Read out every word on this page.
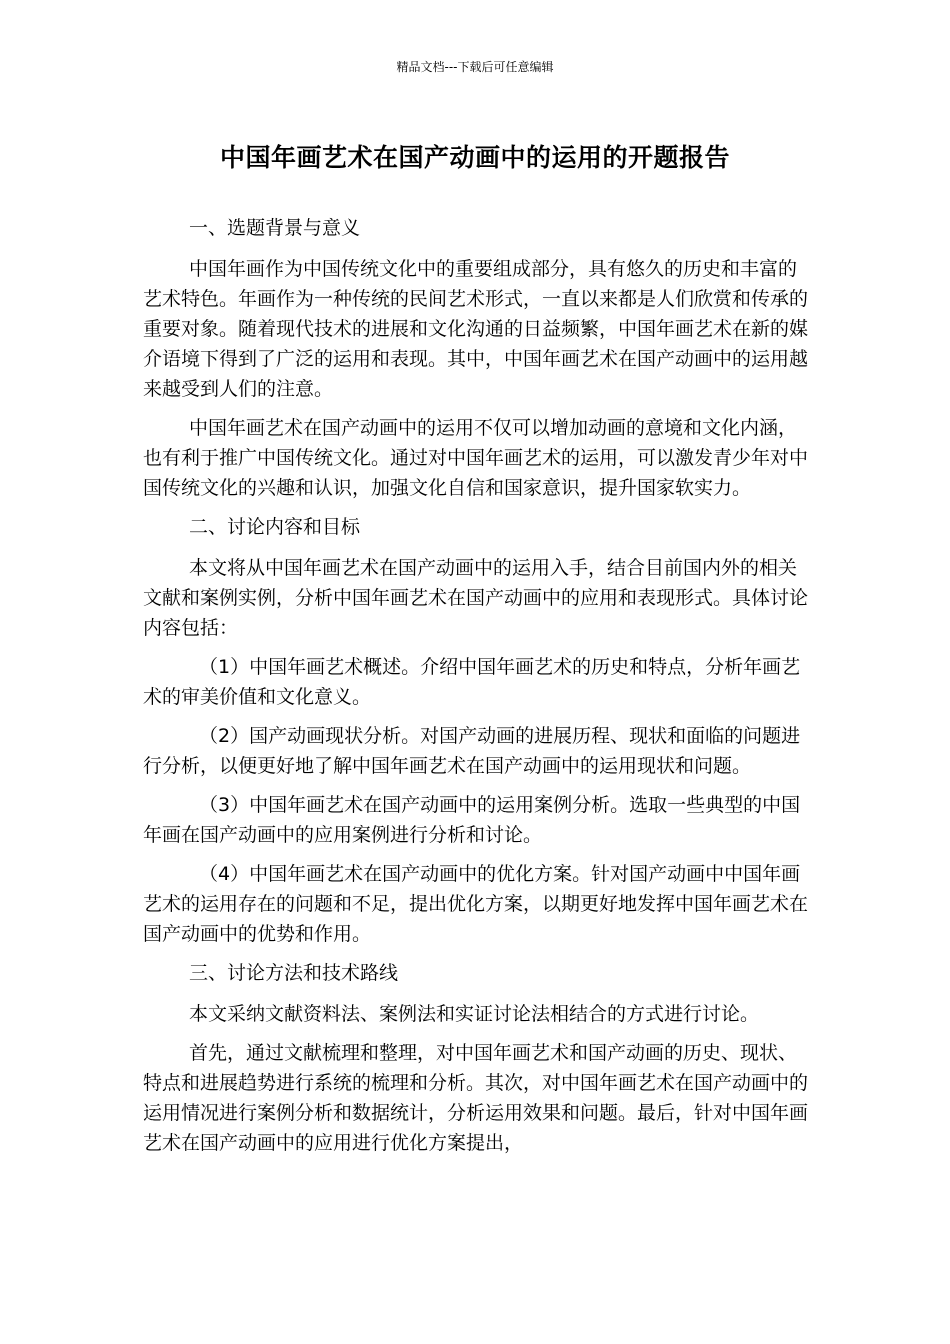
精品文档---下载后可任意编辑
中国年画艺术在国产动画中的运用的开题报告

一、选题背景与意义

中国年画作为中国传统文化中的重要组成部分，具有悠久的历史和丰富的艺术特色。年画作为一种传统的民间艺术形式，一直以来都是人们欣赏和传承的重要对象。随着现代技术的进展和文化沟通的日益频繁，中国年画艺术在新的媒介语境下得到了广泛的运用和表现。其中，中国年画艺术在国产动画中的运用越来越受到人们的注意。

中国年画艺术在国产动画中的运用不仅可以增加动画的意境和文化内涵，也有利于推广中国传统文化。通过对中国年画艺术的运用，可以激发青少年对中国传统文化的兴趣和认识，加强文化自信和国家意识，提升国家软实力。

二、讨论内容和目标

本文将从中国年画艺术在国产动画中的运用入手，结合目前国内外的相关文献和案例实例，分析中国年画艺术在国产动画中的应用和表现形式。具体讨论内容包括：

（1）中国年画艺术概述。介绍中国年画艺术的历史和特点，分析年画艺术的审美价值和文化意义。

（2）国产动画现状分析。对国产动画的进展历程、现状和面临的问题进行分析，以便更好地了解中国年画艺术在国产动画中的运用现状和问题。

（3）中国年画艺术在国产动画中的运用案例分析。选取一些典型的中国年画在国产动画中的应用案例进行分析和讨论。

（4）中国年画艺术在国产动画中的优化方案。针对国产动画中中国年画艺术的运用存在的问题和不足，提出优化方案，以期更好地发挥中国年画艺术在国产动画中的优势和作用。

三、讨论方法和技术路线

本文采纳文献资料法、案例法和实证讨论法相结合的方式进行讨论。

首先，通过文献梳理和整理，对中国年画艺术和国产动画的历史、现状、特点和进展趋势进行系统的梳理和分析。其次，对中国年画艺术在国产动画中的运用情况进行案例分析和数据统计，分析运用效果和问题。最后，针对中国年画艺术在国产动画中的应用进行优化方案提出，
